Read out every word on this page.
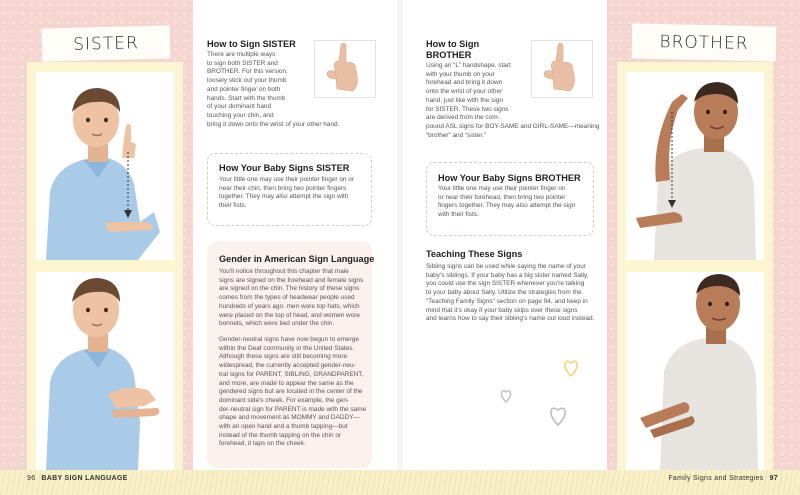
SISTER	BROTHER
How to Sign SISTER
There are multiple ways
to sign both SISTER and
BROTHER. For this version,
loosely stick out your thumb
and pointer finger on both
hands. Start with the thumb
of your dominant hand
touching your chin, and
bring it down onto the wrist of your other hand.
How Your Baby Signs SISTER
Your little one may use their pointer finger on or
near their chin, then bring two pointer fingers
together. They may also attempt the sign with
their fists.
Gender in American Sign Language
You'll notice throughout this chapter that male
signs are signed on the forehead and female signs
are signed on the chin. The history of these signs
comes from the types of headwear people used
hundreds of years ago: men wore top hats, which
were placed on the top of head, and women wore
bonnets, which were tied under the chin.
Gender-neutral signs have now begun to emerge
within the Deaf community in the United States.
Although these signs are still becoming more
widespread, the currently accepted gender-neu-
tral signs for PARENT, SIBLING, GRANDPARENT,
and more, are made to appear the same as the
gendered signs but are located in the center of the
dominant side's cheek. For example, the gen-
der-neutral sign for PARENT is made with the same
shape and movement as MOMMY and DADDY—
with an open hand and a thumb tapping—but
instead of the thumb tapping on the chin or
forehead, it taps on the cheek.
How to Sign
BROTHER
Using an “L” handshape, start
with your thumb on your
forehead and bring it down
onto the wrist of your other
hand, just like with the sign
for SISTER. These two signs
are derived from the com-
pound ASL signs for BOY-SAME and GIRL-SAME—meaning
“brother” and “sister.”
How Your Baby Signs BROTHER
Your little one may use their pointer finger on
or near their forehead, then bring two pointer
fingers together. They may also attempt the sign
with their fists.
Teaching These Signs
Sibling signs can be used while saying the name of your
baby's siblings. If your baby has a big sister named Sally,
you could use the sign SISTER whenever you're talking
to your baby about Sally. Utilize the strategies from the
“Teaching Family Signs” section on page 94, and keep in
mind that it's okay if your baby skips over these signs
and learns how to say their sibling's name out loud instead.
96 BABY SIGN LANGUAGE	Family Signs and Strategies 97
